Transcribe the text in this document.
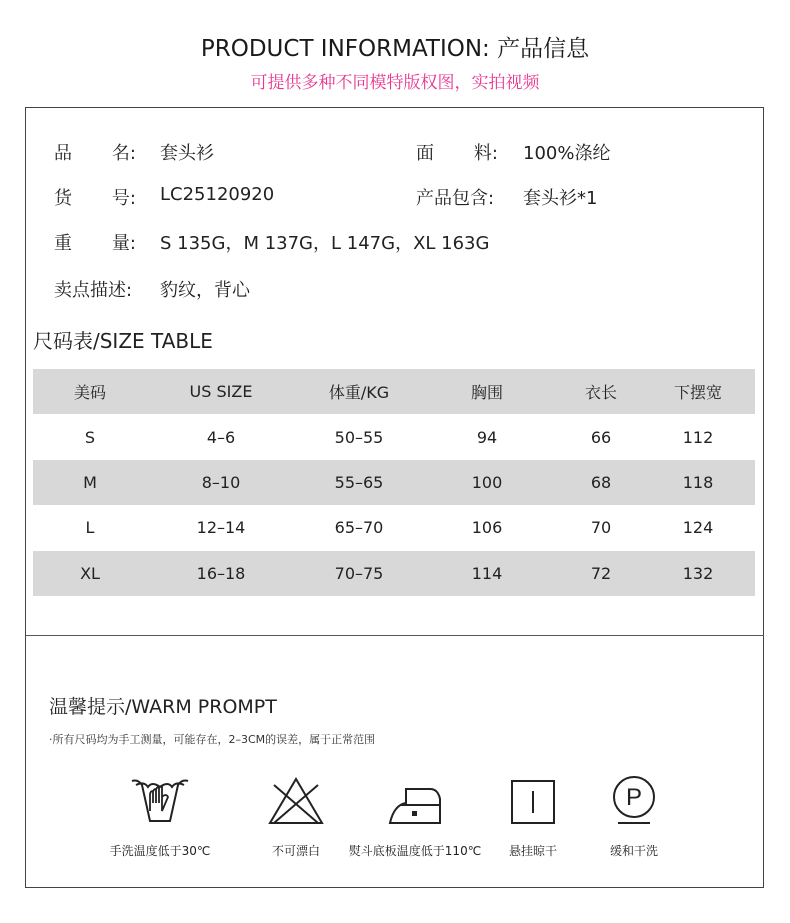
PRODUCT INFORMATION: 产品信息
可提供多种不同模特版权图，实拍视频
品 名: 套头衫	面 料: 100%涤纶
货 号: LC25120920	产品包含: 套头衫*1
重 量: S 135G，M 137G，L 147G，XL 163G
卖点描述: 豹纹，背心
尺码表/SIZE TABLE
美码	US SIZE	体重/KG	胸围	衣长	下摆宽
S	4–6	50–55	94	66	112
M	8–10	55–65	100	68	118
L	12–14	65–70	106	70	124
XL	16–18	70–75	114	72	132
温馨提示/WARM PROMPT
·所有尺码均为手工测量，可能存在，2–3CM的误差，属于正常范围
手洗温度低于30℃	不可漂白	熨斗底板温度低于110℃	悬挂晾干
P
缓和干洗
